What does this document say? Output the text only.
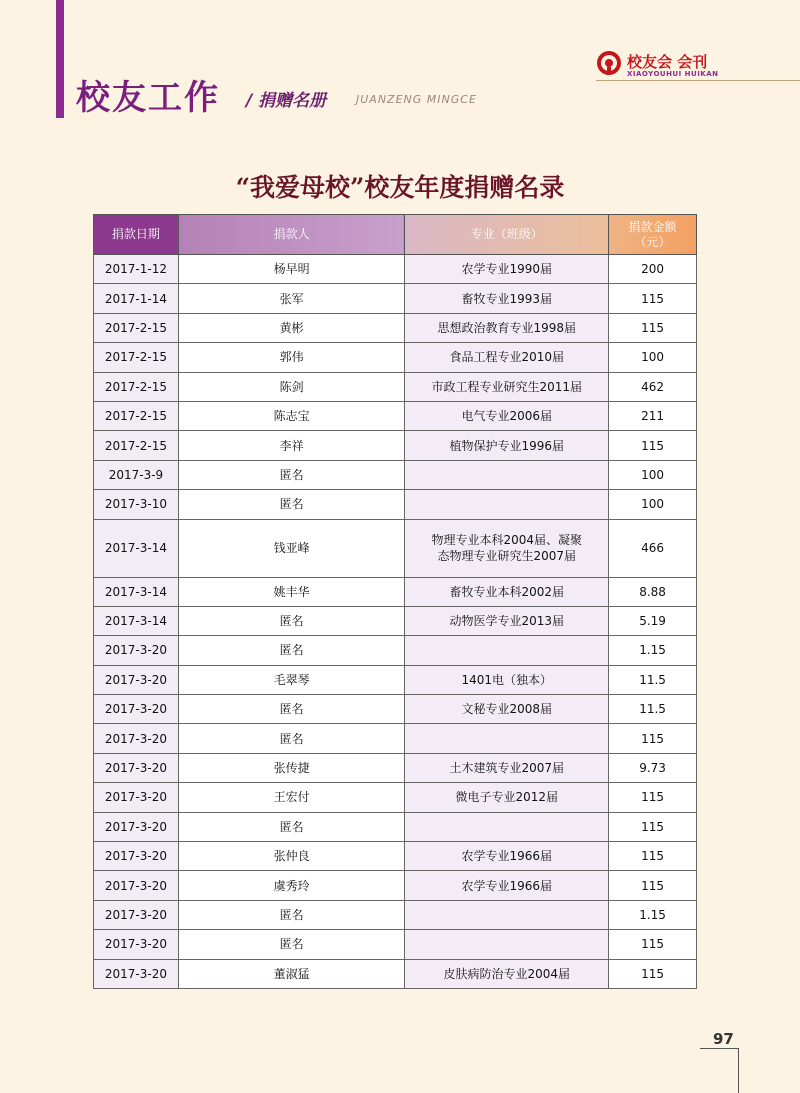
校友工作 / 捐赠名册	JUANZENG MINGCE
校友会 会刊
XIAOYOUHUI HUIKAN
“我爱母校”校友年度捐赠名录
捐款日期	捐款人	专业（班级）	捐款金额
（元）
2017-1-12	杨早明	农学专业1990届	200
2017-1-14	张军	畜牧专业1993届	115
2017-2-15	黄彬	思想政治教育专业1998届	115
2017-2-15	郭伟	食品工程专业2010届	100
2017-2-15	陈剑	市政工程专业研究生2011届	462
2017-2-15	陈志宝	电气专业2006届	211
2017-2-15	李祥	植物保护专业1996届	115
2017-3-9	匿名		100
2017-3-10	匿名		100
2017-3-14	钱亚峰	物理专业本科2004届、凝聚态物理专业研究生2007届	466
2017-3-14	姚丰华	畜牧专业本科2002届	8.88
2017-3-14	匿名	动物医学专业2013届	5.19
2017-3-20	匿名		1.15
2017-3-20	毛翠琴	1401电（独本）	11.5
2017-3-20	匿名	文秘专业2008届	11.5
2017-3-20	匿名		115
2017-3-20	张传捷	土木建筑专业2007届	9.73
2017-3-20	王宏付	微电子专业2012届	115
2017-3-20	匿名		115
2017-3-20	张仲良	农学专业1966届	115
2017-3-20	虞秀玲	农学专业1966届	115
2017-3-20	匿名		1.15
2017-3-20	匿名		115
2017-3-20	董淑猛	皮肤病防治专业2004届	115
97
